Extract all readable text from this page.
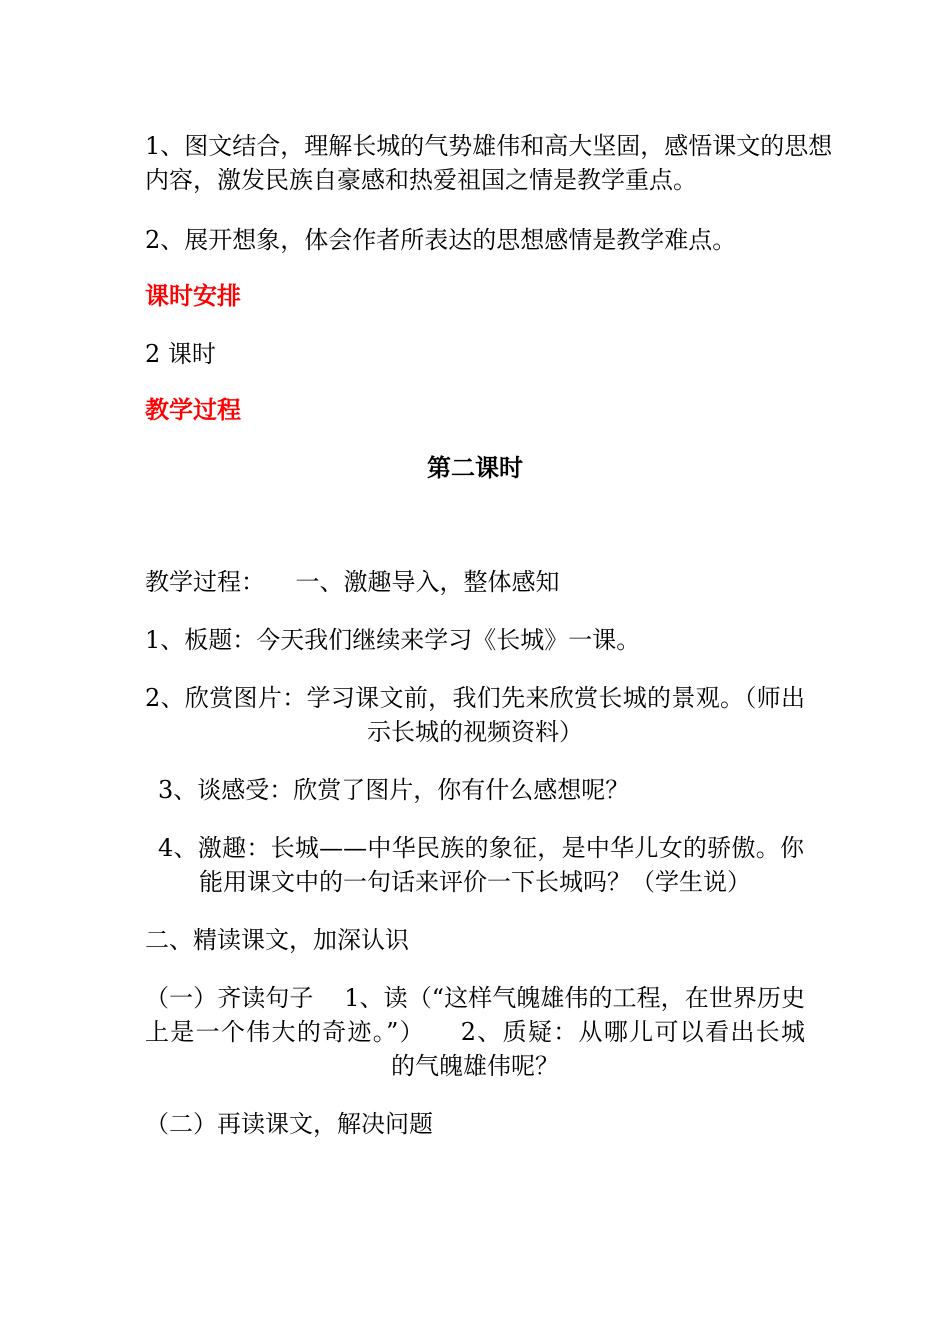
1、图文结合，理解长城的气势雄伟和高大坚固，感悟课文的思想

内容，激发民族自豪感和热爱祖国之情是教学重点。

2、展开想象，体会作者所表达的思想感情是教学难点。

课时安排

2 课时

教学过程

第二课时

教学过程：    一、激趣导入，整体感知

1、板题：今天我们继续来学习《长城》一课。

2、欣赏图片：学习课文前，我们先来欣赏长城的景观。（师出

示长城的视频资料）

3、谈感受：欣赏了图片，你有什么感想呢？

4、激趣：长城——中华民族的象征，是中华儿女的骄傲。你

能用课文中的一句话来评价一下长城吗？（学生说）

二、精读课文，加深认识

（一）齐读句子    1、读（“这样气魄雄伟的工程，在世界历史

上是一个伟大的奇迹。”）    2、质疑：从哪儿可以看出长城

的气魄雄伟呢？

（二）再读课文，解决问题
